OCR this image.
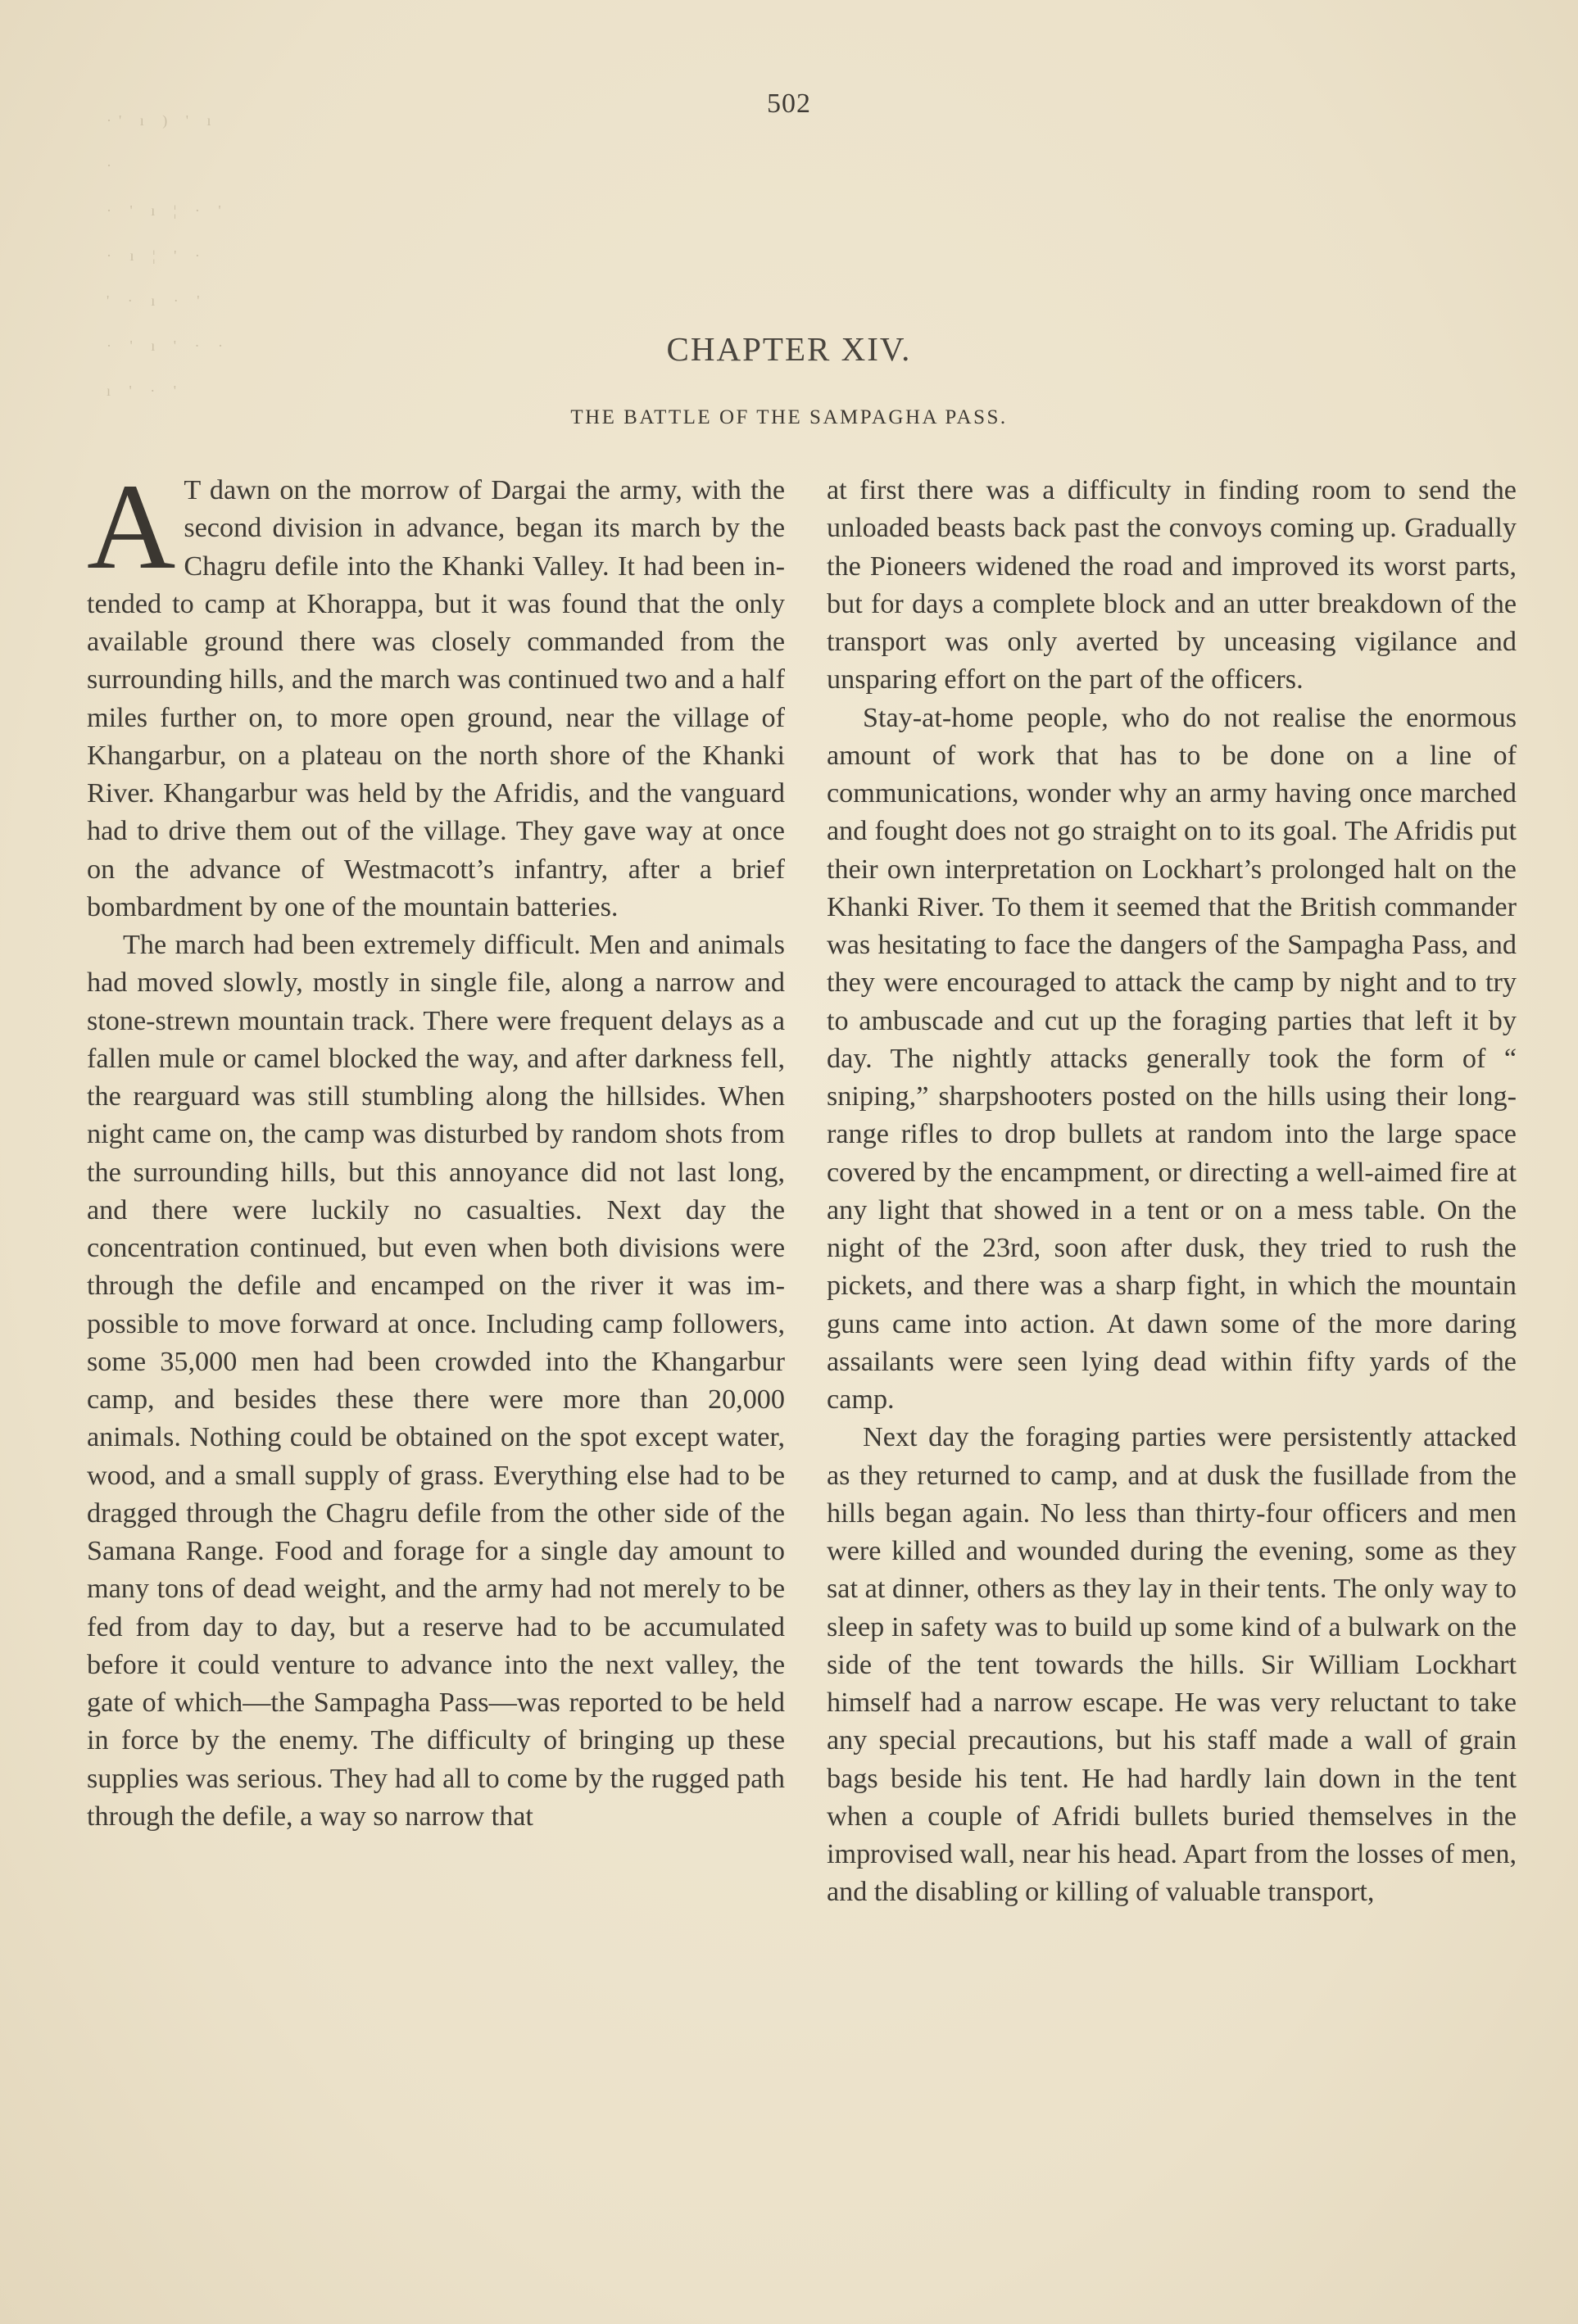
·' ı ) ' ı ·
· ' ı ¦ · '
· ı ¦ ' ·
' · ı · '
· ' ı ' · ·
ı ' · '
502
CHAPTER XIV.
THE BATTLE OF THE SAMPAGHA PASS.

A T dawn on the morrow of Dargai the army, with the second division in advance, began its march by the Chagru defile into the Khanki Valley. It had been intended to camp at Khorappa, but it was found that the only available ground there was closely commanded from the surrounding hills, and the march was continued two and a half miles further on, to more open ground, near the village of Khangarbur, on a plateau on the north shore of the Khanki River. Khangarbur was held by the Afridis, and the vanguard had to drive them out of the village. They gave way at once on the advance of Westmacott’s infantry, after a brief bombardment by one of the mountain batteries.

The march had been extremely difficult. Men and animals had moved slowly, mostly in single file, along a narrow and stone-strewn mountain track. There were frequent delays as a fallen mule or camel blocked the way, and after darkness fell, the rearguard was still stumbling along the hillsides. When night came on, the camp was disturbed by random shots from the surrounding hills, but this annoyance did not last long, and there were luckily no casualties. Next day the concentration continued, but even when both divisions were through the defile and encamped on the river it was impossible to move forward at once. Including camp followers, some 35,000 men had been crowded into the Khangarbur camp, and besides these there were more than 20,000 animals. Nothing could be obtained on the spot except water, wood, and a small supply of grass. Everything else had to be dragged through the Chagru defile from the other side of the Samana Range. Food and forage for a single day amount to many tons of dead weight, and the army had not merely to be fed from day to day, but a reserve had to be accumulated before it could venture to advance into the next valley, the gate of which—the Sampagha Pass—was reported to be held in force by the enemy. The difficulty of bringing up these supplies was serious. They had all to come by the rugged path through the defile, a way so narrow that

at first there was a difficulty in finding room to send the unloaded beasts back past the convoys coming up. Gradually the Pioneers widened the road and improved its worst parts, but for days a complete block and an utter breakdown of the transport was only averted by unceasing vigilance and unsparing effort on the part of the officers.

Stay-at-home people, who do not realise the enormous amount of work that has to be done on a line of communications, wonder why an army having once marched and fought does not go straight on to its goal. The Afridis put their own interpretation on Lockhart’s prolonged halt on the Khanki River. To them it seemed that the British commander was hesitating to face the dangers of the Sampagha Pass, and they were encouraged to attack the camp by night and to try to ambuscade and cut up the foraging parties that left it by day. The nightly attacks generally took the form of “ sniping,” sharpshooters posted on the hills using their longrange rifles to drop bullets at random into the large space covered by the encampment, or directing a well-aimed fire at any light that showed in a tent or on a mess table. On the night of the 23rd, soon after dusk, they tried to rush the pickets, and there was a sharp fight, in which the mountain guns came into action. At dawn some of the more daring assailants were seen lying dead within fifty yards of the camp.

Next day the foraging parties were persistently attacked as they returned to camp, and at dusk the fusillade from the hills began again. No less than thirty-four officers and men were killed and wounded during the evening, some as they sat at dinner, others as they lay in their tents. The only way to sleep in safety was to build up some kind of a bulwark on the side of the tent towards the hills. Sir William Lockhart himself had a narrow escape. He was very reluctant to take any special precautions, but his staff made a wall of grain bags beside his tent. He had hardly lain down in the tent when a couple of Afridi bullets buried themselves in the improvised wall, near his head. Apart from the losses of men, and the disabling or killing of valuable transport,
